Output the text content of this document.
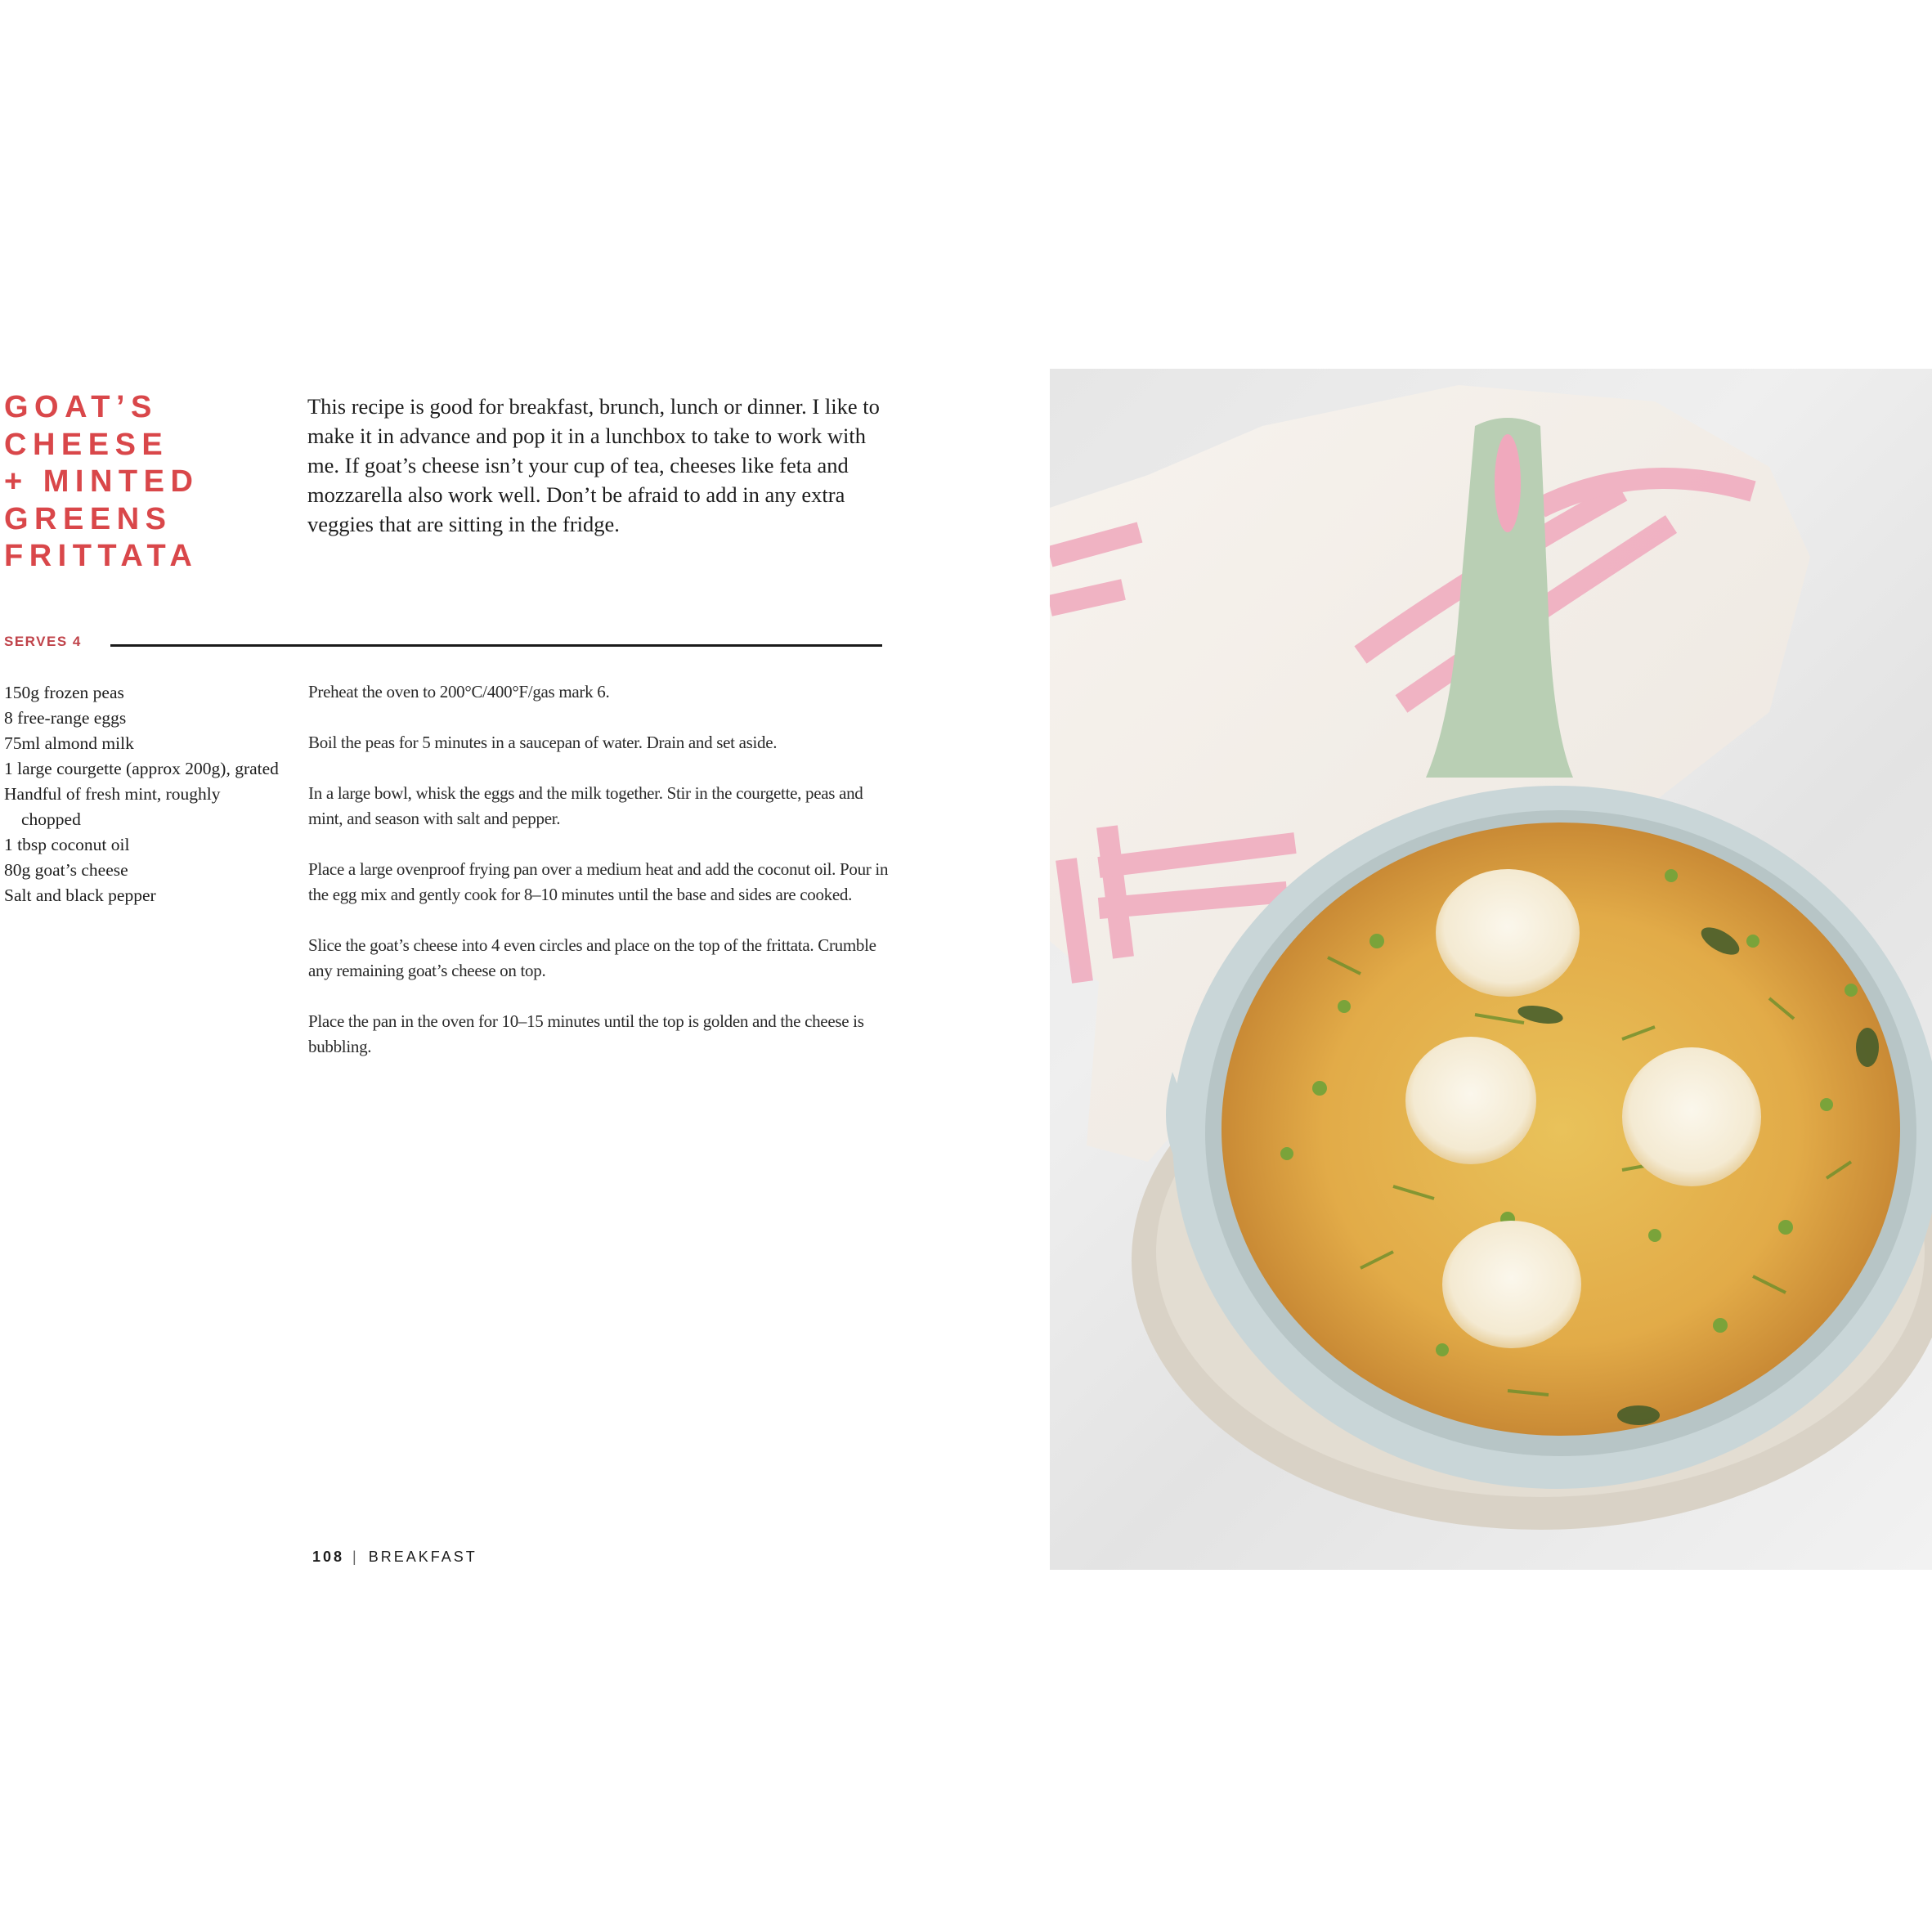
GOAT’S
CHEESE
+ MINTED
GREENS
FRITTATA

This recipe is good for breakfast, brunch, lunch or dinner. I like to make it in advance and pop it in a lunchbox to take to work with me. If goat’s cheese isn’t your cup of tea, cheeses like feta and mozzarella also work well. Don’t be afraid to add in any extra veggies that are sitting in the fridge.

SERVES 4
150g frozen peas
8 free-range eggs
75ml almond milk
1 large courgette (approx 200g), grated
Handful of fresh mint, roughly chopped
1 tbsp coconut oil
80g goat’s cheese
Salt and black pepper

Preheat the oven to 200°C/400°F/gas mark 6.

Boil the peas for 5 minutes in a saucepan of water. Drain and set aside.

In a large bowl, whisk the eggs and the milk together. Stir in the courgette, peas and mint, and season with salt and pepper.

Place a large ovenproof frying pan over a medium heat and add the coconut oil. Pour in the egg mix and gently cook for 8–10 minutes until the base and sides are cooked.

Slice the goat’s cheese into 4 even circles and place on the top of the frittata. Crumble any remaining goat’s cheese on top.

Place the pan in the oven for 10–15 minutes until the top is golden and the cheese is bubbling.

108 | BREAKFAST
